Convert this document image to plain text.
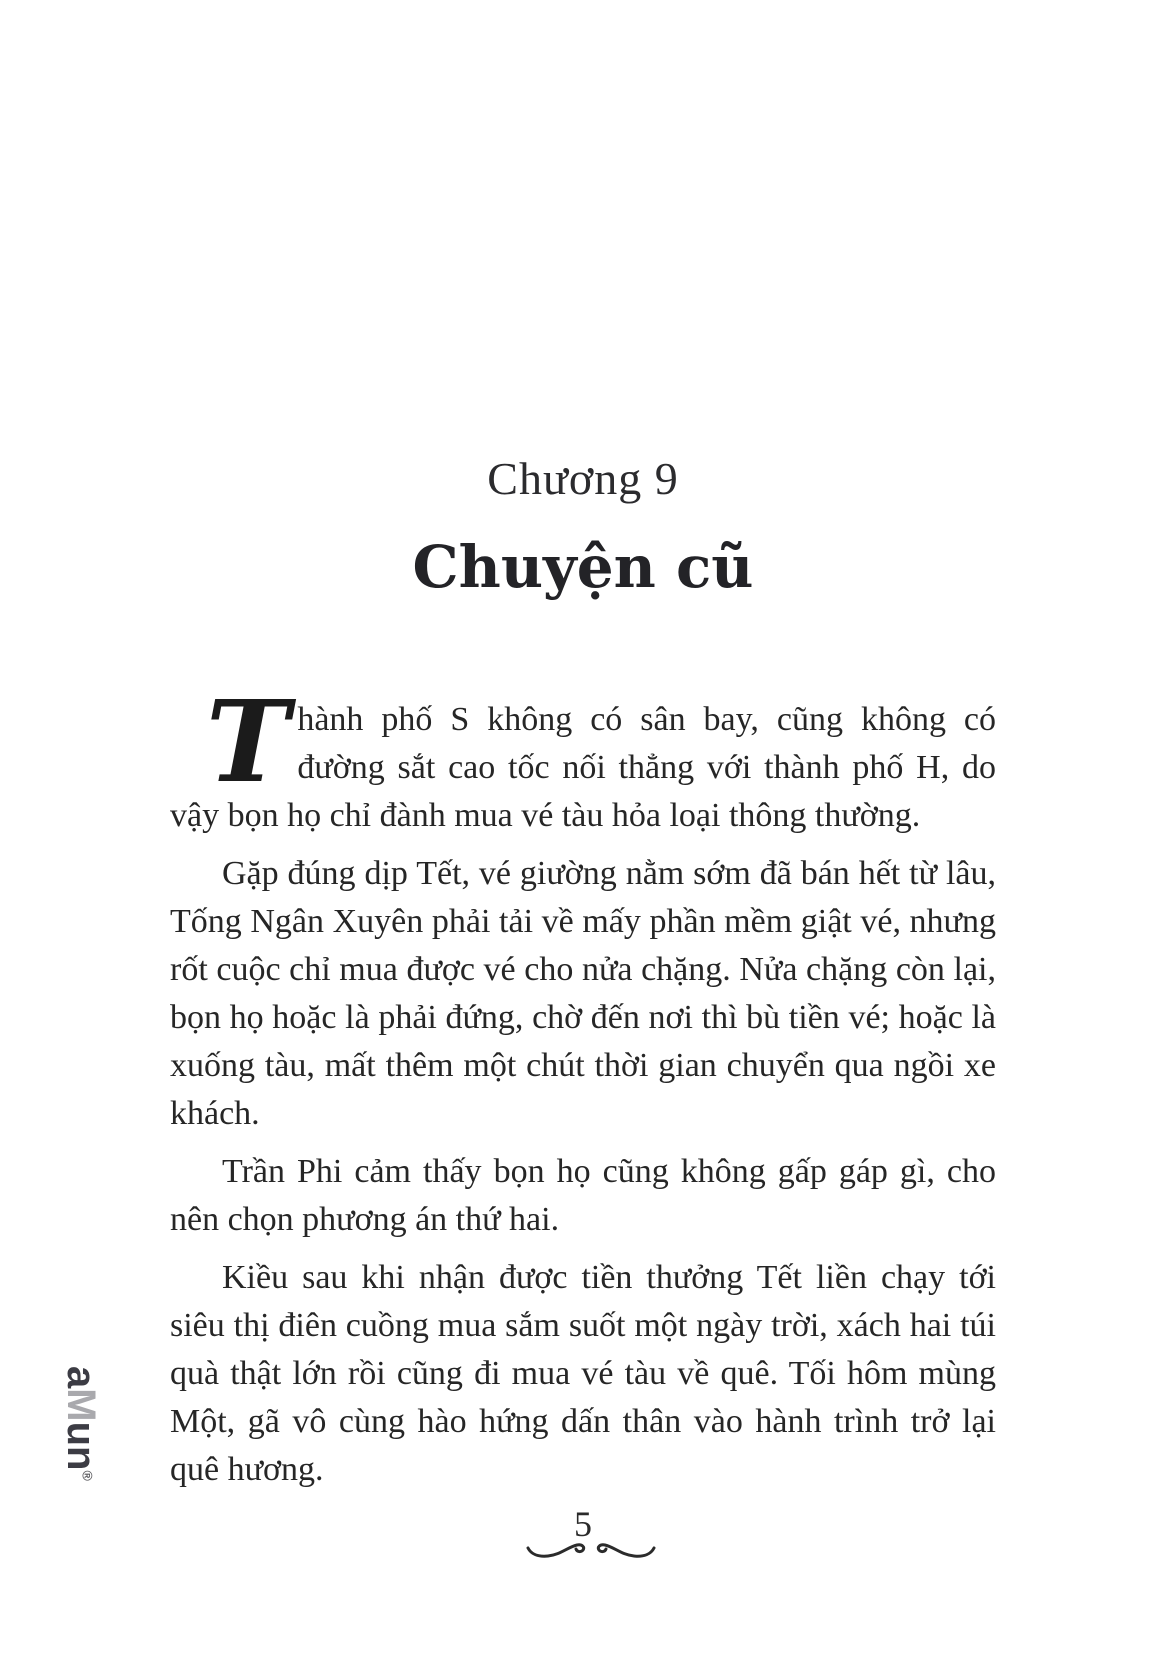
Chương 9
Chuyện cũ

Thành phố S không có sân bay, cũng không có đường sắt cao tốc nối thẳng với thành phố H, do vậy bọn họ chỉ đành mua vé tàu hỏa loại thông thường.

Gặp đúng dịp Tết, vé giường nằm sớm đã bán hết từ lâu, Tống Ngân Xuyên phải tải về mấy phần mềm giật vé, nhưng rốt cuộc chỉ mua được vé cho nửa chặng. Nửa chặng còn lại, bọn họ hoặc là phải đứng, chờ đến nơi thì bù tiền vé; hoặc là xuống tàu, mất thêm một chút thời gian chuyển qua ngồi xe khách.

Trần Phi cảm thấy bọn họ cũng không gấp gáp gì, cho nên chọn phương án thứ hai.

Kiều sau khi nhận được tiền thưởng Tết liền chạy tới siêu thị điên cuồng mua sắm suốt một ngày trời, xách hai túi quà thật lớn rồi cũng đi mua vé tàu về quê. Tối hôm mùng Một, gã vô cùng hào hứng dấn thân vào hành trình trở lại quê hương.

5
aMun®
